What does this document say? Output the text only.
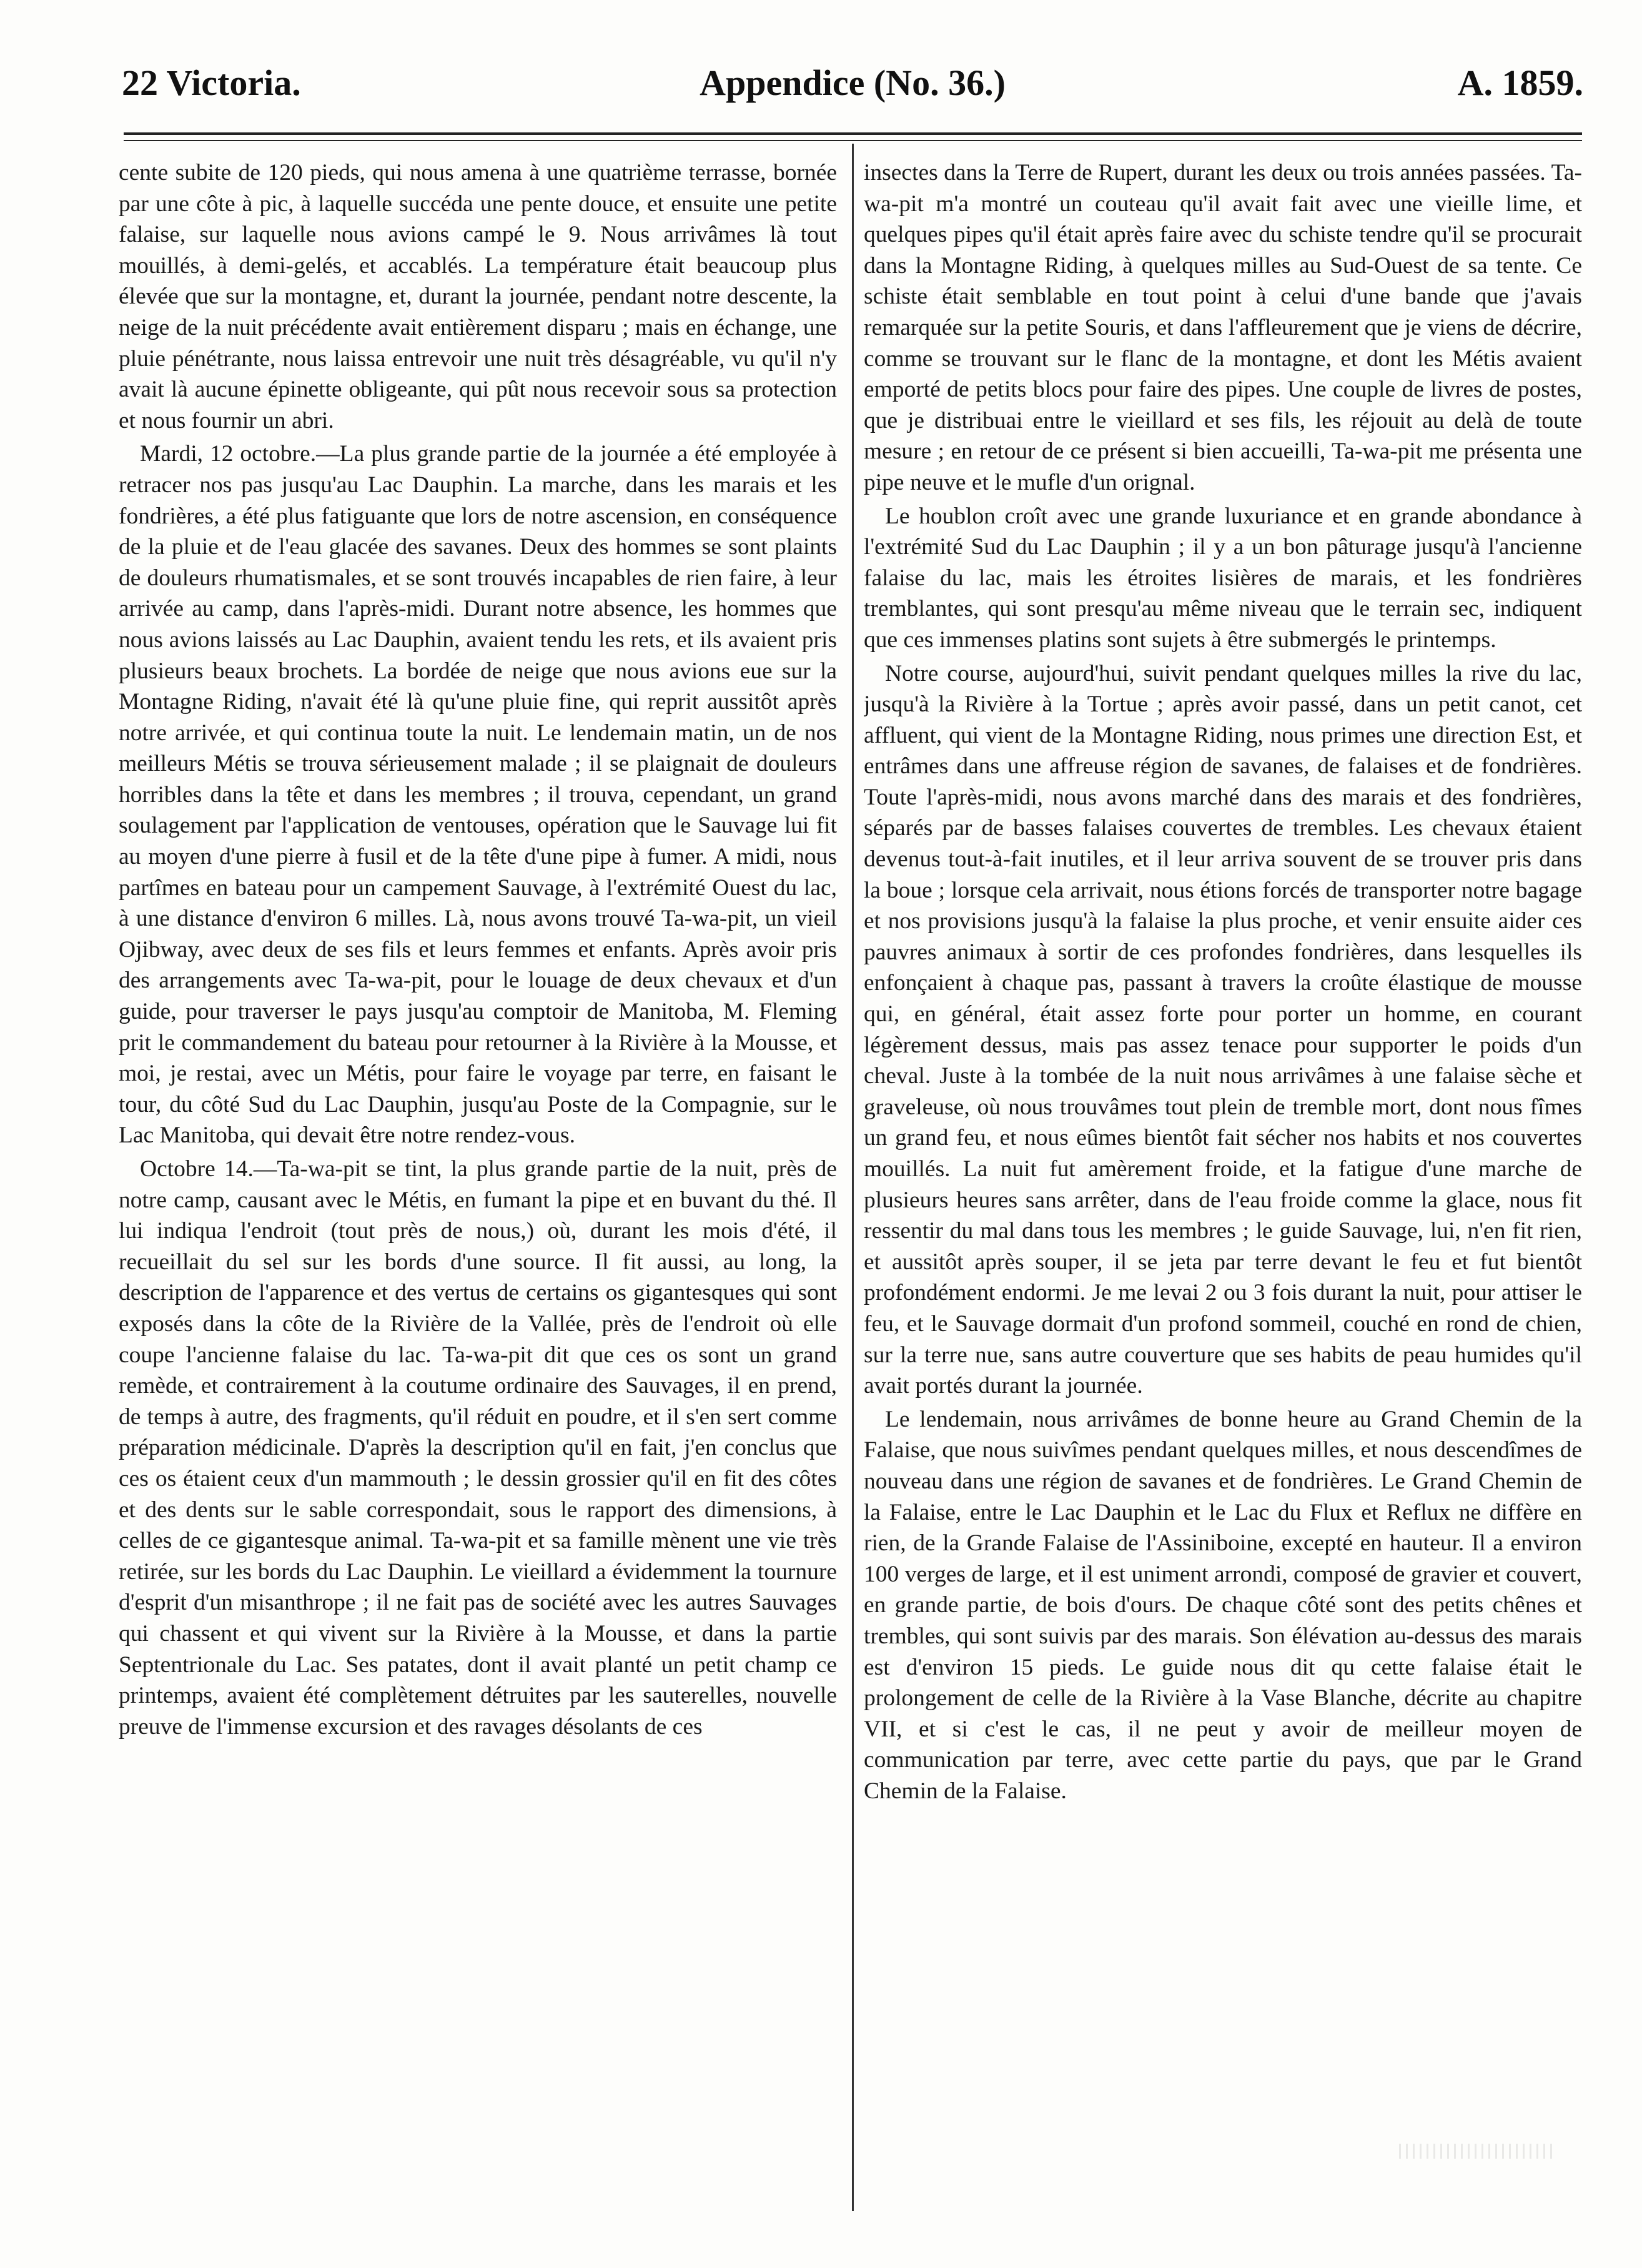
22 Victoria.	Appendice (No. 36.)	A. 1859.

cente subite de 120 pieds, qui nous amena à une quatrième terrasse, bornée par une côte à pic, à laquelle succéda une pente douce, et ensuite une petite falaise, sur laquelle nous avions campé le 9. Nous arrivâmes là tout mouillés, à demi-gelés, et accablés. La température était beaucoup plus élevée que sur la montagne, et, durant la journée, pendant notre descente, la neige de la nuit précédente avait entièrement disparu ; mais en échange, une pluie pénétrante, nous laissa entrevoir une nuit très désagréable, vu qu'il n'y avait là aucune épinette obligeante, qui pût nous recevoir sous sa protection et nous fournir un abri.

Mardi, 12 octobre.—La plus grande partie de la journée a été employée à retracer nos pas jusqu'au Lac Dauphin. La marche, dans les marais et les fondrières, a été plus fatiguante que lors de notre ascension, en conséquence de la pluie et de l'eau glacée des savanes. Deux des hommes se sont plaints de douleurs rhumatismales, et se sont trouvés incapables de rien faire, à leur arrivée au camp, dans l'après-midi. Durant notre absence, les hommes que nous avions laissés au Lac Dauphin, avaient tendu les rets, et ils avaient pris plusieurs beaux brochets. La bordée de neige que nous avions eue sur la Montagne Riding, n'avait été là qu'une pluie fine, qui reprit aussitôt après notre arrivée, et qui continua toute la nuit. Le lendemain matin, un de nos meilleurs Métis se trouva sérieusement malade ; il se plaignait de douleurs horribles dans la tête et dans les membres ; il trouva, cependant, un grand soulagement par l'application de ventouses, opération que le Sauvage lui fit au moyen d'une pierre à fusil et de la tête d'une pipe à fumer. A midi, nous partîmes en bateau pour un campement Sauvage, à l'extrémité Ouest du lac, à une distance d'environ 6 milles. Là, nous avons trouvé Ta-wa-pit, un vieil Ojibway, avec deux de ses fils et leurs femmes et enfants. Après avoir pris des arrangements avec Ta-wa-pit, pour le louage de deux chevaux et d'un guide, pour traverser le pays jusqu'au comptoir de Manitoba, M. Fleming prit le commandement du bateau pour retourner à la Rivière à la Mousse, et moi, je restai, avec un Métis, pour faire le voyage par terre, en faisant le tour, du côté Sud du Lac Dauphin, jusqu'au Poste de la Compagnie, sur le Lac Manitoba, qui devait être notre rendez-vous.

Octobre 14.—Ta-wa-pit se tint, la plus grande partie de la nuit, près de notre camp, causant avec le Métis, en fumant la pipe et en buvant du thé. Il lui indiqua l'endroit (tout près de nous,) où, durant les mois d'été, il recueillait du sel sur les bords d'une source. Il fit aussi, au long, la description de l'apparence et des vertus de certains os gigantesques qui sont exposés dans la côte de la Rivière de la Vallée, près de l'endroit où elle coupe l'ancienne falaise du lac. Ta-wa-pit dit que ces os sont un grand remède, et contrairement à la coutume ordinaire des Sauvages, il en prend, de temps à autre, des fragments, qu'il réduit en poudre, et il s'en sert comme préparation médicinale. D'après la description qu'il en fait, j'en conclus que ces os étaient ceux d'un mammouth ; le dessin grossier qu'il en fit des côtes et des dents sur le sable correspondait, sous le rapport des dimensions, à celles de ce gigantesque animal. Ta-wa-pit et sa famille mènent une vie très retirée, sur les bords du Lac Dauphin. Le vieillard a évidemment la tournure d'esprit d'un misanthrope ; il ne fait pas de société avec les autres Sauvages qui chassent et qui vivent sur la Rivière à la Mousse, et dans la partie Septentrionale du Lac. Ses patates, dont il avait planté un petit champ ce printemps, avaient été complètement détruites par les sauterelles, nouvelle preuve de l'immense excursion et des ravages désolants de ces

insectes dans la Terre de Rupert, durant les deux ou trois années passées. Ta-wa-pit m'a montré un couteau qu'il avait fait avec une vieille lime, et quelques pipes qu'il était après faire avec du schiste tendre qu'il se procurait dans la Montagne Riding, à quelques milles au Sud-Ouest de sa tente. Ce schiste était semblable en tout point à celui d'une bande que j'avais remarquée sur la petite Souris, et dans l'affleurement que je viens de décrire, comme se trouvant sur le flanc de la montagne, et dont les Métis avaient emporté de petits blocs pour faire des pipes. Une couple de livres de postes, que je distribuai entre le vieillard et ses fils, les réjouit au delà de toute mesure ; en retour de ce présent si bien accueilli, Ta-wa-pit me présenta une pipe neuve et le mufle d'un orignal.

Le houblon croît avec une grande luxuriance et en grande abondance à l'extrémité Sud du Lac Dauphin ; il y a un bon pâturage jusqu'à l'ancienne falaise du lac, mais les étroites lisières de marais, et les fondrières tremblantes, qui sont presqu'au même niveau que le terrain sec, indiquent que ces immenses platins sont sujets à être submergés le printemps.

Notre course, aujourd'hui, suivit pendant quelques milles la rive du lac, jusqu'à la Rivière à la Tortue ; après avoir passé, dans un petit canot, cet affluent, qui vient de la Montagne Riding, nous primes une direction Est, et entrâmes dans une affreuse région de savanes, de falaises et de fondrières. Toute l'après-midi, nous avons marché dans des marais et des fondrières, séparés par de basses falaises couvertes de trembles. Les chevaux étaient devenus tout-à-fait inutiles, et il leur arriva souvent de se trouver pris dans la boue ; lorsque cela arrivait, nous étions forcés de transporter notre bagage et nos provisions jusqu'à la falaise la plus proche, et venir ensuite aider ces pauvres animaux à sortir de ces profondes fondrières, dans lesquelles ils enfonçaient à chaque pas, passant à travers la croûte élastique de mousse qui, en général, était assez forte pour porter un homme, en courant légèrement dessus, mais pas assez tenace pour supporter le poids d'un cheval. Juste à la tombée de la nuit nous arrivâmes à une falaise sèche et graveleuse, où nous trouvâmes tout plein de tremble mort, dont nous fîmes un grand feu, et nous eûmes bientôt fait sécher nos habits et nos couvertes mouillés. La nuit fut amèrement froide, et la fatigue d'une marche de plusieurs heures sans arrêter, dans de l'eau froide comme la glace, nous fit ressentir du mal dans tous les membres ; le guide Sauvage, lui, n'en fit rien, et aussitôt après souper, il se jeta par terre devant le feu et fut bientôt profondément endormi. Je me levai 2 ou 3 fois durant la nuit, pour attiser le feu, et le Sauvage dormait d'un profond sommeil, couché en rond de chien, sur la terre nue, sans autre couverture que ses habits de peau humides qu'il avait portés durant la journée.

Le lendemain, nous arrivâmes de bonne heure au Grand Chemin de la Falaise, que nous suivîmes pendant quelques milles, et nous descendîmes de nouveau dans une région de savanes et de fondrières. Le Grand Chemin de la Falaise, entre le Lac Dauphin et le Lac du Flux et Reflux ne diffère en rien, de la Grande Falaise de l'Assiniboine, excepté en hauteur. Il a environ 100 verges de large, et il est uniment arrondi, composé de gravier et couvert, en grande partie, de bois d'ours. De chaque côté sont des petits chênes et trembles, qui sont suivis par des marais. Son élévation au-dessus des marais est d'environ 15 pieds. Le guide nous dit qu cette falaise était le prolongement de celle de la Rivière à la Vase Blanche, décrite au chapitre VII, et si c'est le cas, il ne peut y avoir de meilleur moyen de communication par terre, avec cette partie du pays, que par le Grand Chemin de la Falaise.
